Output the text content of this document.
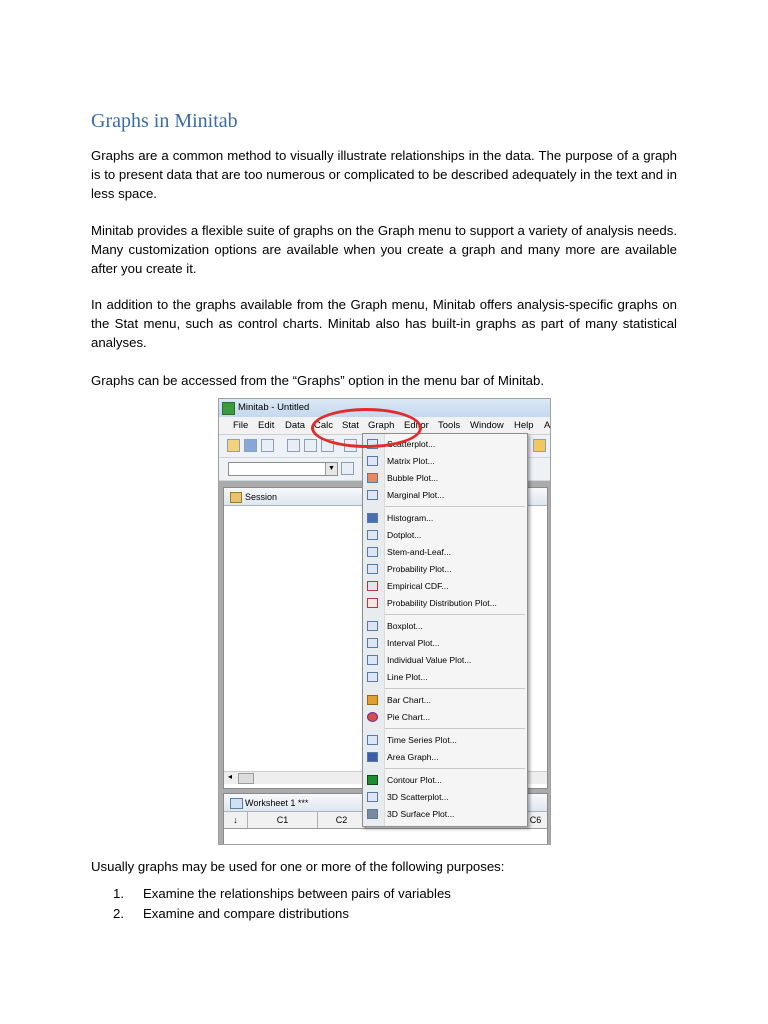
Graphs in Minitab

Graphs are a common method to visually illustrate relationships in the data. The purpose of a graph is to present data that are too numerous or complicated to be described adequately in the text and in less space.

Minitab provides a flexible suite of graphs on the Graph menu to support a variety of analysis needs. Many customization options are available when you create a graph and many more are available after you create it.

In addition to the graphs available from the Graph menu, Minitab offers analysis-specific graphs on the Stat menu, such as control charts. Minitab also has built-in graphs as part of many statistical analyses.

Graphs can be accessed from the “Graphs” option in the menu bar of Minitab.

Minitab - Untitled
File Edit Data Calc Stat Graph Editor Tools Window Help A
▼
Session
◂
Worksheet 1 ***
↓	C1	C2	C6
Scatterplot...
Matrix Plot...
Bubble Plot...
Marginal Plot...
Histogram...
Dotplot...
Stem-and-Leaf...
Probability Plot...
Empirical CDF...
Probability Distribution Plot...
Boxplot...
Interval Plot...
Individual Value Plot...
Line Plot...
Bar Chart...
Pie Chart...
Time Series Plot...
Area Graph...
Contour Plot...
3D Scatterplot...
3D Surface Plot...

Usually graphs may be used for one or more of the following purposes:

1.	Examine the relationships between pairs of variables
2.	Examine and compare distributions
